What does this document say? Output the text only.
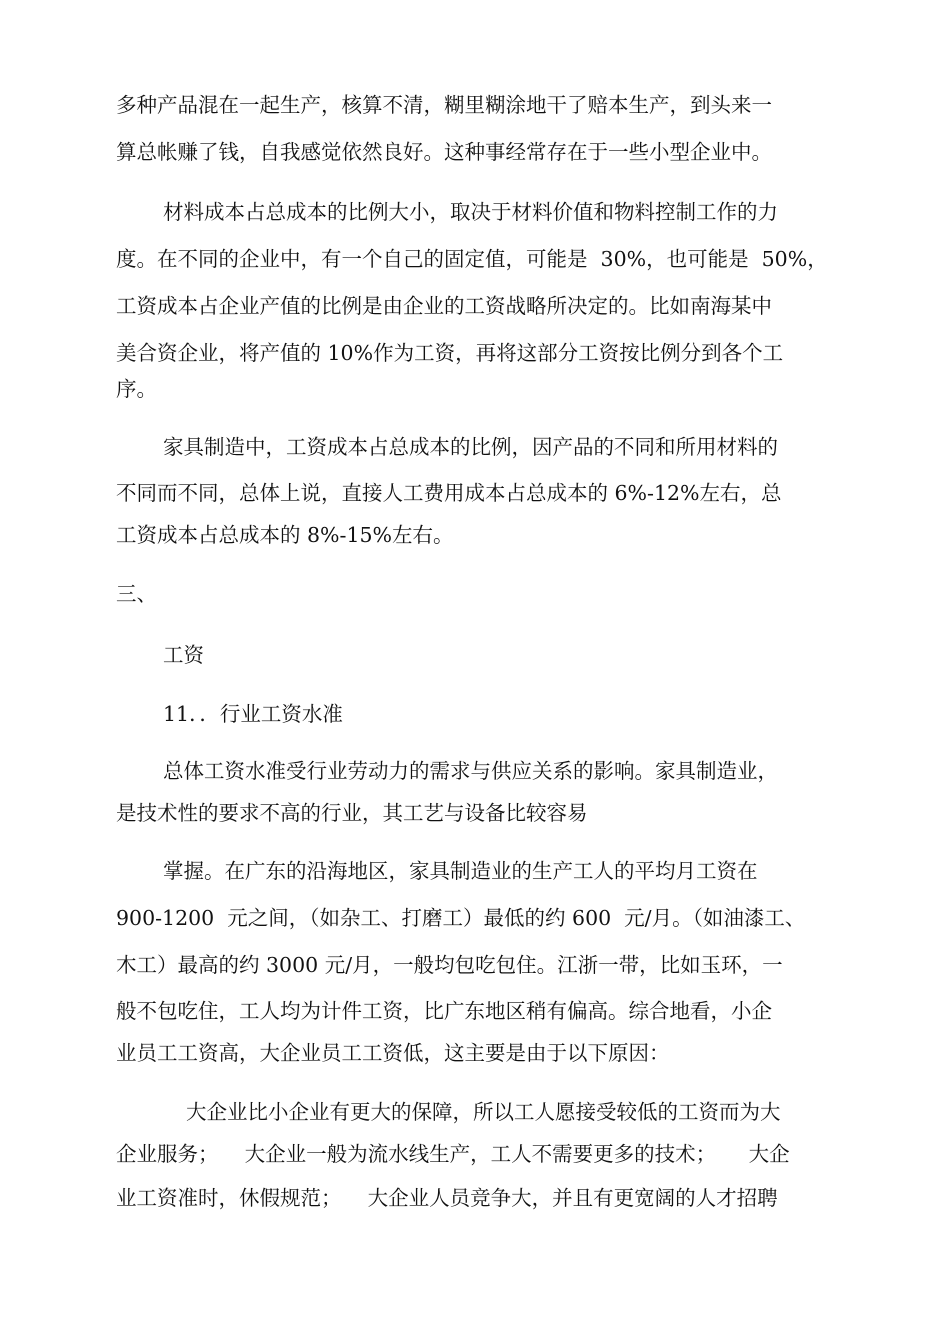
多种产品混在一起生产，核算不清，糊里糊涂地干了赔本生产，到头来一

算总帐赚了钱，自我感觉依然良好。这种事经常存在于一些小型企业中。

材料成本占总成本的比例大小，取决于材料价值和物料控制工作的力

度。在不同的企业中，有一个自己的固定值，可能是  30%，也可能是  50%，

工资成本占企业产值的比例是由企业的工资战略所决定的。比如南海某中

美合资企业，将产值的 10%作为工资，再将这部分工资按比例分到各个工

序。

家具制造中，工资成本占总成本的比例，因产品的不同和所用材料的

不同而不同，总体上说，直接人工费用成本占总成本的 6%-12%左右，总

工资成本占总成本的 8%-15%左右。

三、

工资

11．．行业工资水准

总体工资水准受行业劳动力的需求与供应关系的影响。家具制造业，

是技术性的要求不高的行业，其工艺与设备比较容易

掌握。在广东的沿海地区，家具制造业的生产工人的平均月工资在

900-1200  元之间，（如杂工、打磨工）最低的约 600  元/月。（如油漆工、

木工）最高的约 3000 元/月，一般均包吃包住。江浙一带，比如玉环，一

般不包吃住，工人均为计件工资，比广东地区稍有偏高。综合地看，小企

业员工工资高，大企业员工工资低，这主要是由于以下原因：

大企业比小企业有更大的保障，所以工人愿接受较低的工资而为大

企业服务；    大企业一般为流水线生产，工人不需要更多的技术；     大企

业工资准时，休假规范；    大企业人员竞争大，并且有更宽阔的人才招聘
